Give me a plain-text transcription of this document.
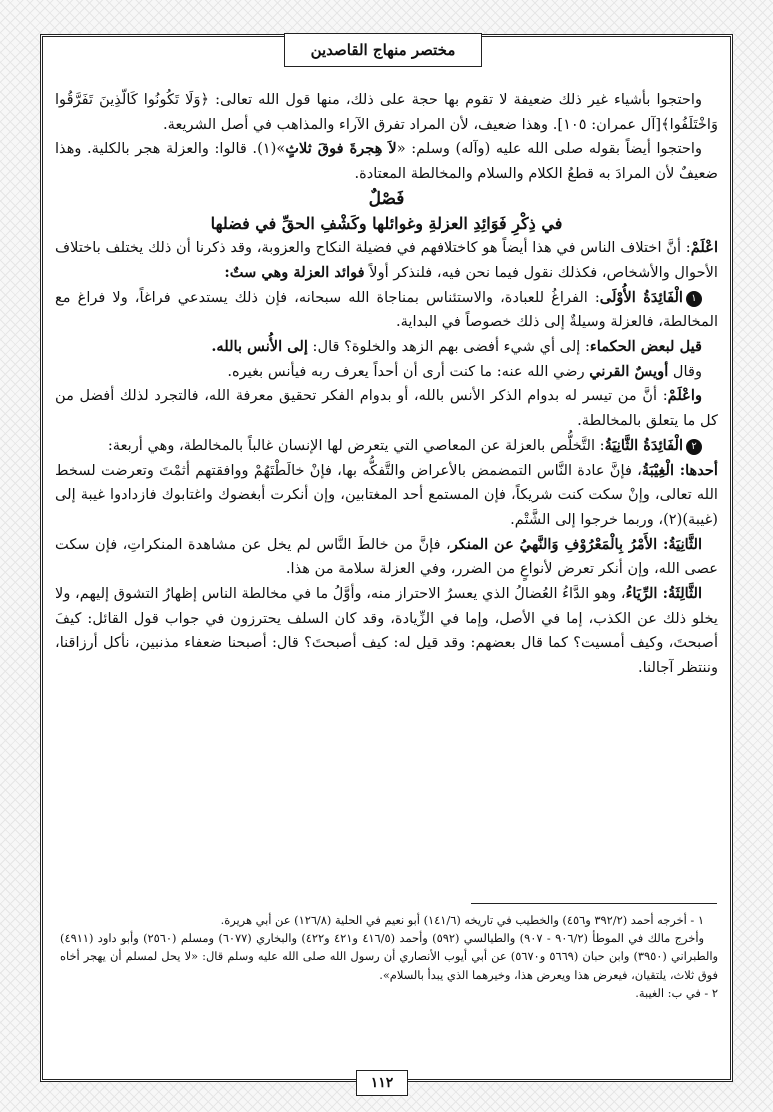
مختصر منهاج القاصدين

واحتجوا بأشياء غير ذلك ضعيفة لا تقوم بها حجة على ذلك، منها قول الله تعالى: ﴿وَلَا تَكُونُوا كَالَّذِينَ تَفَرَّقُوا وَاخْتَلَفُوا﴾[آل عمران: ١٠٥]. وهذا ضعيف، لأن المراد تفرق الآراء والمذاهب في أصل الشريعة.

واحتجوا أيضاً بقوله صلى الله عليه (وآله) وسلم: «لاَ هِجرةَ فوقَ ثلاثٍ»(١). قالوا: والعزلة هجر بالكلية. وهذا ضعيفٌ لأن المرادَ به قطعُ الكلام والسلام والمخالطة المعتادة.

فَصْلٌ

في ذِكْرِ فَوَائِدِ العزلةِ وغوائلها وكَشْفِ الحقِّ في فضلها

اعْلَمْ: أنَّ اختلاف الناس في هذا أيضاً هو كاختلافهم في فضيلة النكاح والعزوبة، وقد ذكرنا أن ذلك يختلف باختلاف الأحوال والأشخاص، فكذلك نقول فيما نحن فيه، فلنذكر أولاً فوائد العزلة وهي ستٌ:

١الْفَائِدَةُ الأُوْلَى: الفراغُ للعبادة، والاستئناس بمناجاة الله سبحانه، فإن ذلك يستدعي فراغاً، ولا فراغ مع المخالطة، فالعزلة وسيلةٌ إلى ذلك خصوصاً في البداية.

قيل لبعض الحكماء: إلى أي شيء أفضى بهم الزهد والخلوة؟ قال: إلى الأُنس بالله.

وقال أويسٌ القرني رضي الله عنه: ما كنت أرى أن أحداً يعرف ربه فيأنس بغيره.

واعْلَمْ: أنَّ من تيسر له بدوام الذكر الأنس بالله، أو بدوام الفكر تحقيق معرفة الله، فالتجرد لذلك أفضل من كل ما يتعلق بالمخالطة.

٢الْفَائِدَةُ الثَّانِيَةُ: التَّخلُّص بالعزلة عن المعاصي التي يتعرض لها الإنسان غالباً بالمخالطة، وهي أربعة:

أحدها: الْغِيْبَةُ، فإنَّ عادة النَّاس التمضمض بالأعراض والتَّفكُّه بها، فإنْ خالَطْتَهُمْ ووافقتهم أثمْتَ وتعرضت لسخط الله تعالى، وإنْ سكت كنت شريكاً، فإن المستمع أحد المغتابين، وإن أنكرت أبغضوك واغتابوك فازدادوا غيبة إلى (غيبة)(٢)، وربما خرجوا إلى الشَّتْم.

الثَّانِيَةُ: الأَمْرُ بِالْمَعْرُوْفِ وَالنَّهيُ عن المنكر، فإنَّ من خالطَ النَّاس لم يخل عن مشاهدة المنكراتِ، فإن سكت عصى الله، وإن أنكر تعرض لأنواعٍ من الضرر، وفي العزلة سلامة من هذا.

الثَّالِثَةُ: الرِّيَاءُ، وهو الدَّاءُ العُضالُ الذي يعسرُ الاحتراز منه، وأوَّلُ ما في مخالطة الناس إظهارُ التشوق إليهم، ولا يخلو ذلك عن الكذب، إما في الأصل، وإما في الزِّيادة، وقد كان السلف يحترزون في جواب قول القائل: كيفَ أصبحتَ، وكيف أمسيت؟ كما قال بعضهم: وقد قيل له: كيف أصبحتَ؟ قال: أصبحنا ضعفاء مذنبين، نأكل أرزاقنا، وننتظر آجالنا.

١ - أخرجه أحمد (٣٩٢/٢ و٤٥٦) والخطيب في تاريخه (١٤١/٦) أبو نعيم في الحلية (١٢٦/٨) عن أبي هريرة.

وأخرج مالك في الموطأ (٩٠٦/٢ - ٩٠٧) والطيالسي (٥٩٢) وأحمد (٤١٦/٥ و٤٢١ و٤٢٢) والبخاري (٦٠٧٧) ومسلم (٢٥٦٠) وأبو داود (٤٩١١) والطبراني (٣٩٥٠) وابن حبان (٥٦٦٩ و٥٦٧٠) عن أبي أيوب الأنصاري أن رسول الله صلى الله عليه وسلم قال: «لا يحل لمسلم أن يهجر أخاه فوق ثلاث، يلتقيان، فيعرض هذا ويعرض هذا، وخيرهما الذي يبدأ بالسلام».

٢ - في ب: الغيبة.

١١٢
